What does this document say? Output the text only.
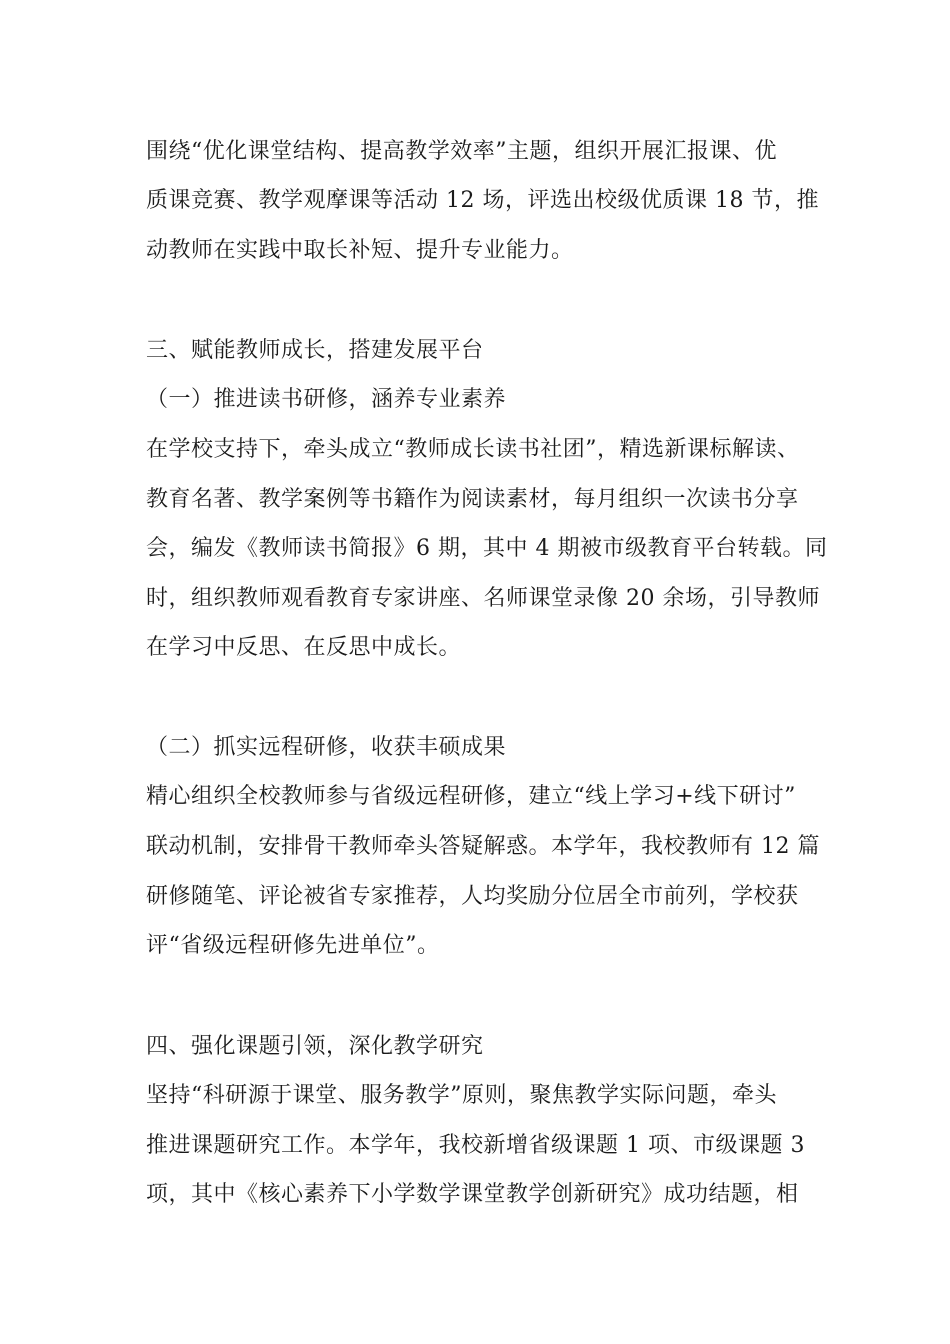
围绕“优化课堂结构、提高教学效率”主题，组织开展汇报课、优
质课竞赛、教学观摩课等活动 12 场，评选出校级优质课 18 节，推
动教师在实践中取长补短、提升专业能力。
三、赋能教师成长，搭建发展平台
（一）推进读书研修，涵养专业素养
在学校支持下，牵头成立“教师成长读书社团”，精选新课标解读、
教育名著、教学案例等书籍作为阅读素材，每月组织一次读书分享
会，编发《教师读书简报》6 期，其中 4 期被市级教育平台转载。同
时，组织教师观看教育专家讲座、名师课堂录像 20 余场，引导教师
在学习中反思、在反思中成长。
（二）抓实远程研修，收获丰硕成果
精心组织全校教师参与省级远程研修，建立“线上学习+线下研讨”
联动机制，安排骨干教师牵头答疑解惑。本学年，我校教师有 12 篇
研修随笔、评论被省专家推荐，人均奖励分位居全市前列，学校获
评“省级远程研修先进单位”。
四、强化课题引领，深化教学研究
坚持“科研源于课堂、服务教学”原则，聚焦教学实际问题，牵头
推进课题研究工作。本学年，我校新增省级课题 1 项、市级课题 3
项，其中《核心素养下小学数学课堂教学创新研究》成功结题，相
